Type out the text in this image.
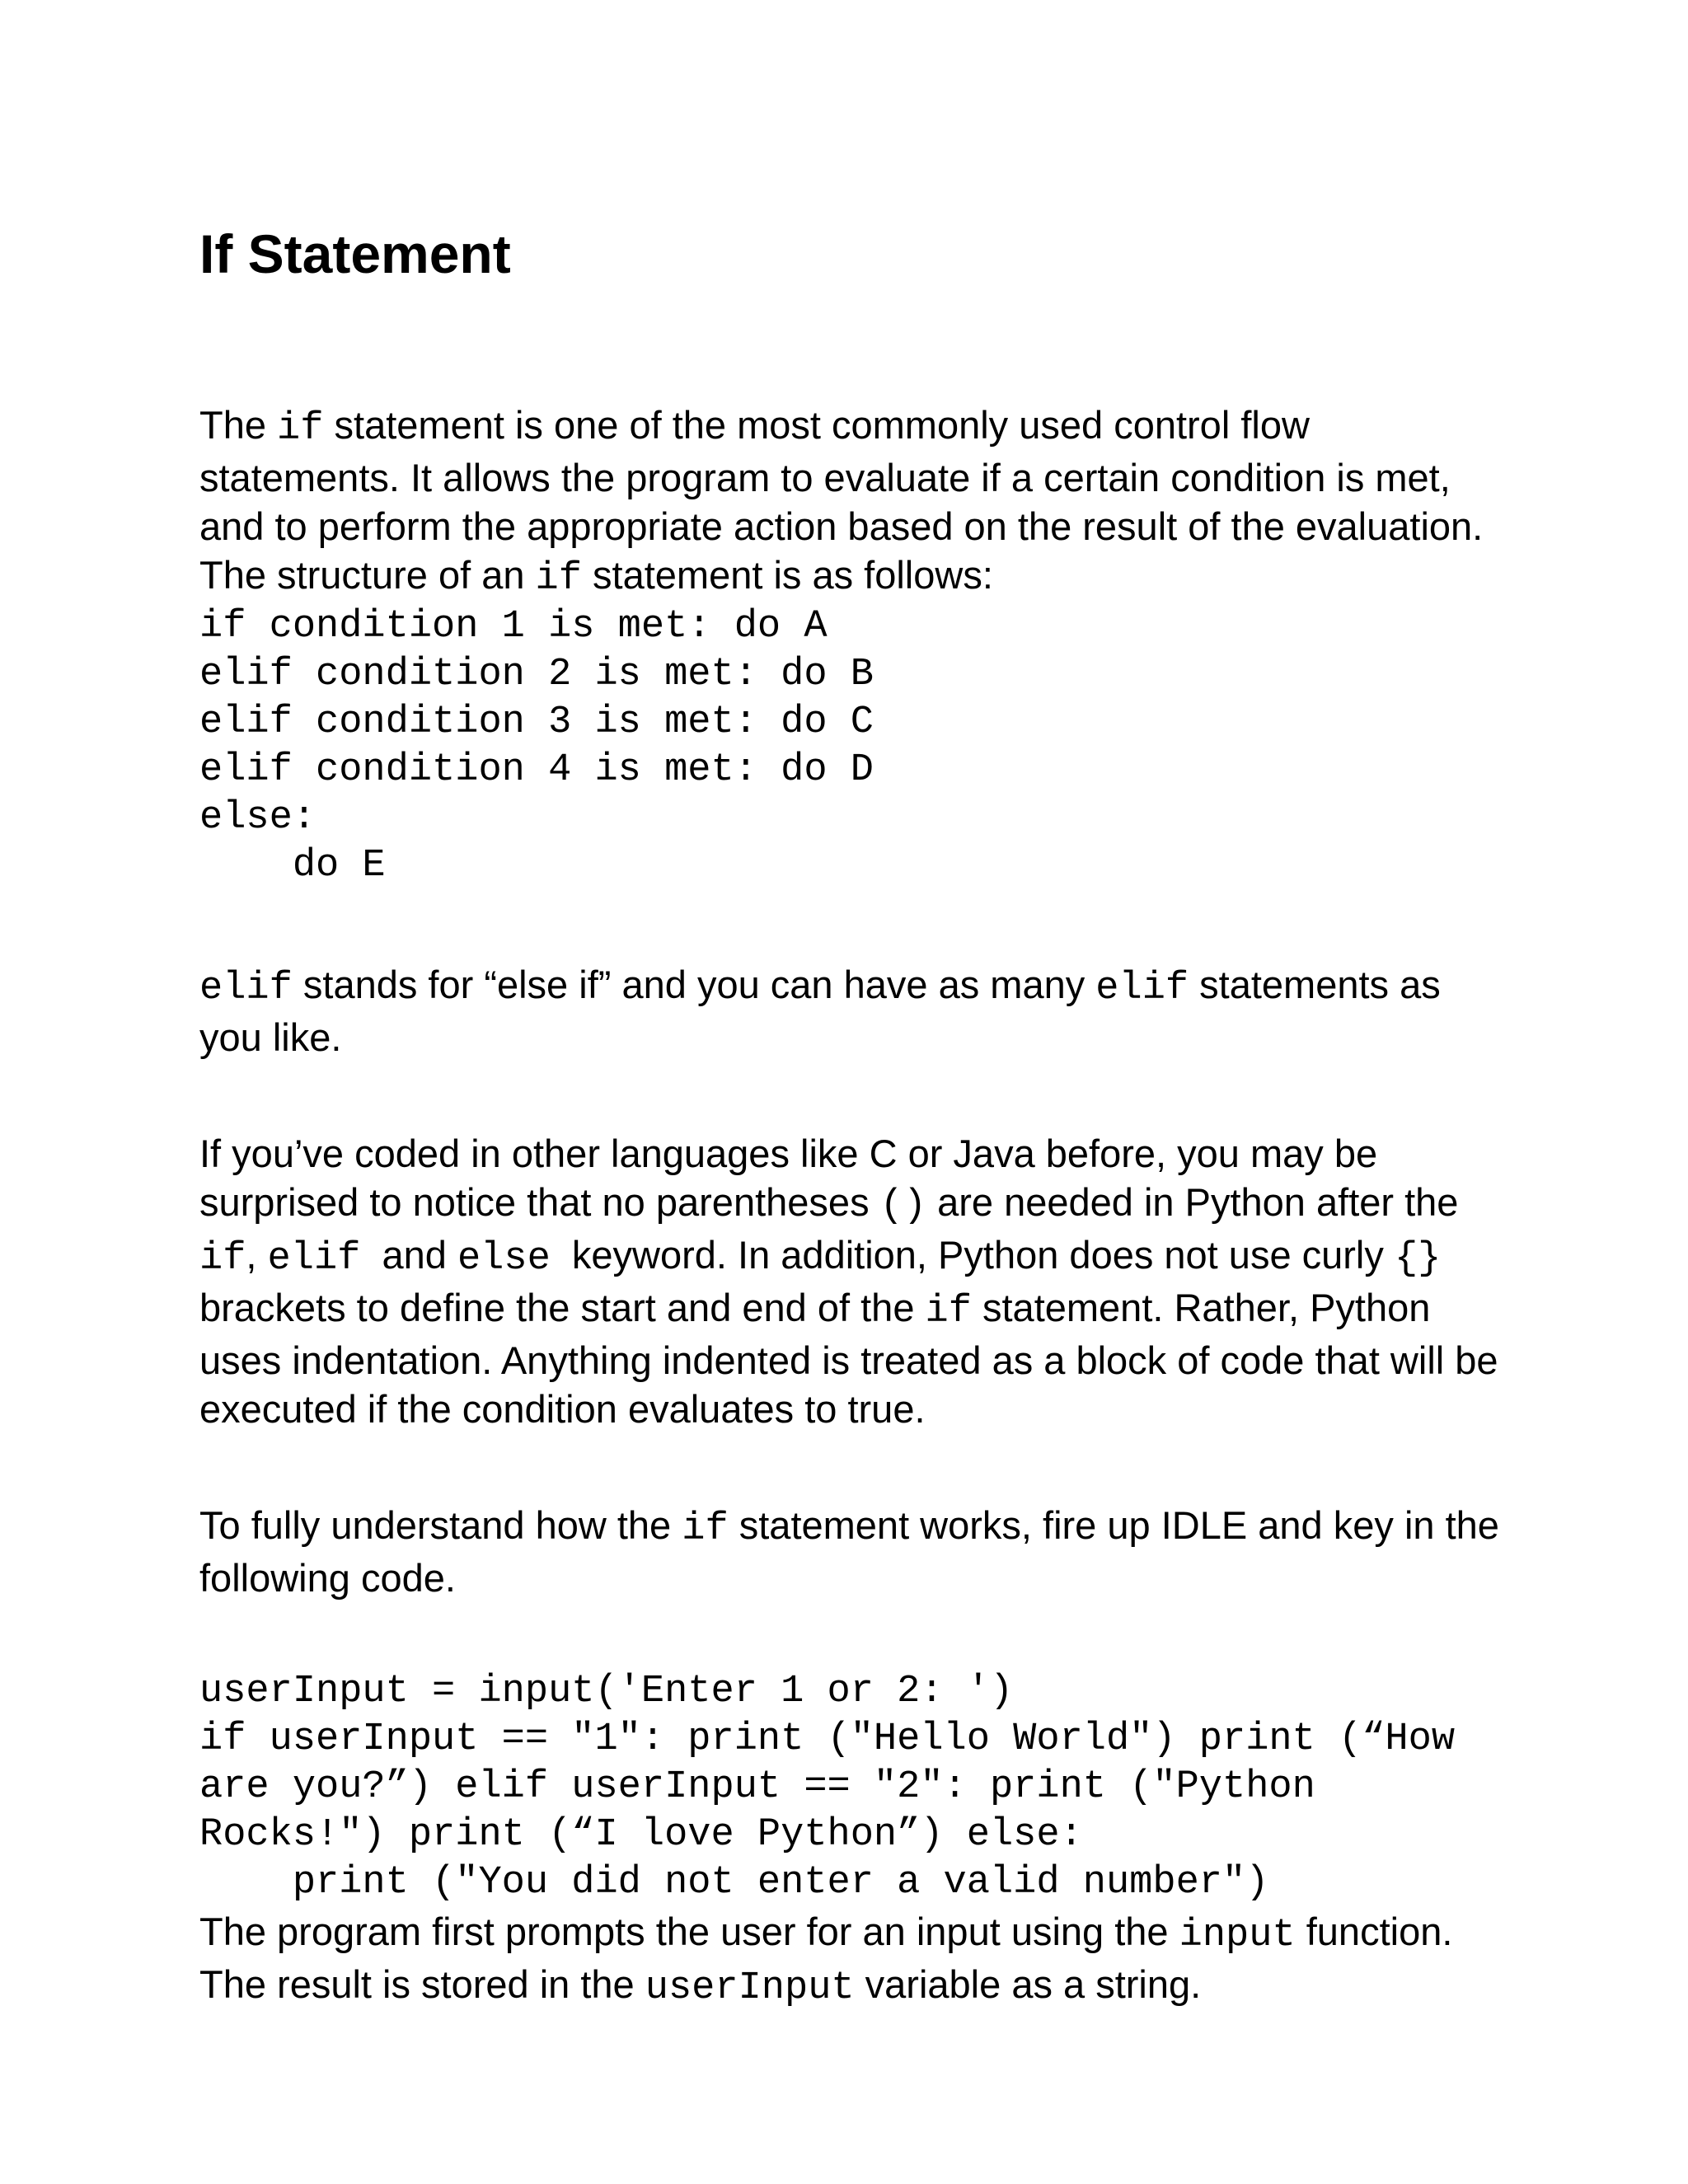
If Statement

The if statement is one of the most commonly used control flow statements. It allows the program to evaluate if a certain condition is met, and to perform the appropriate action based on the result of the evaluation. The structure of an if statement is as follows:

if condition 1 is met: do A
elif condition 2 is met: do B
elif condition 3 is met: do C
elif condition 4 is met: do D
else:
do E

elif stands for “else if” and you can have as many elif statements as you like.

If you’ve coded in other languages like C or Java before, you may be surprised to notice that no parentheses () are needed in Python after the if, elif  and else  keyword. In addition, Python does not use curly {} brackets to define the start and end of the if statement. Rather, Python uses indentation. Anything indented is treated as a block of code that will be executed if the condition evaluates to true.

To fully understand how the if statement works, fire up IDLE and key in the following code.

userInput = input('Enter 1 or 2: ')
if userInput == "1": print ("Hello World") print (“How are you?”) elif userInput == "2": print ("Python Rocks!") print (“I love Python”) else:
print ("You did not enter a valid number")

The program first prompts the user for an input using the input function. The result is stored in the userInput variable as a string.
